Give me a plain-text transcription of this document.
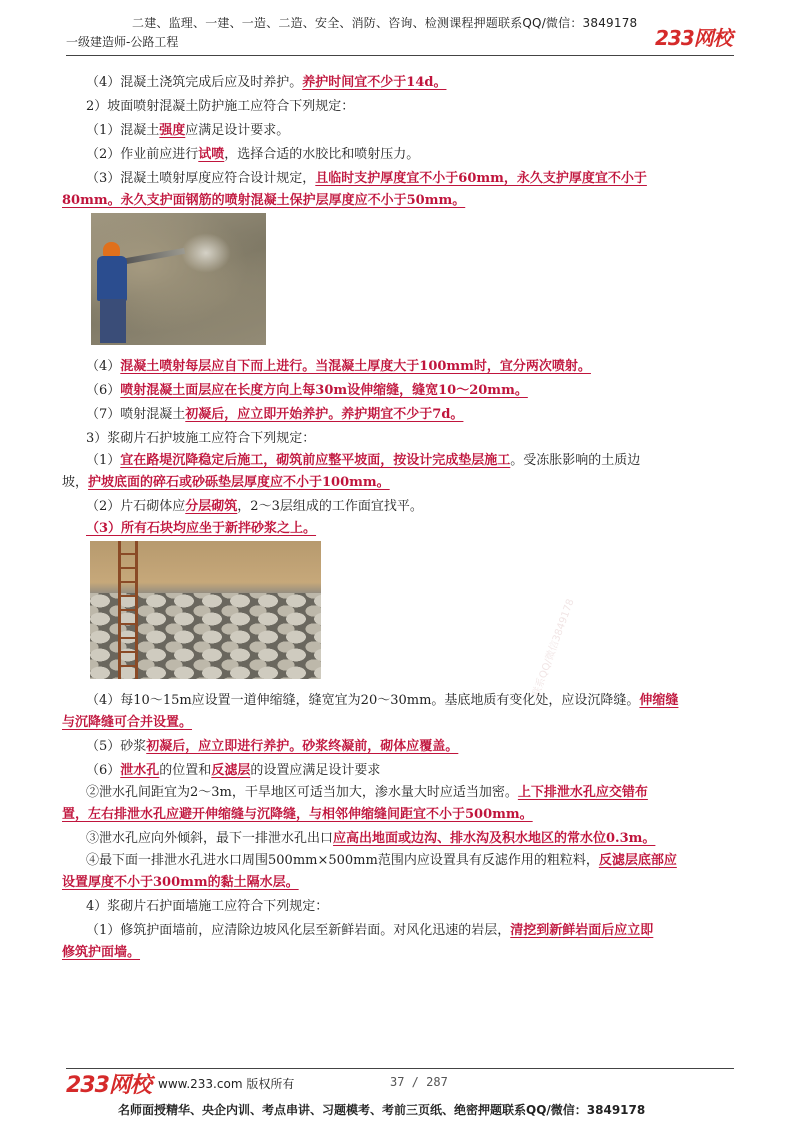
二建、监理、一建、一造、二造、安全、消防、咨询、检测课程押题联系QQ/微信：3849178
一级建造师-公路工程	233网校
（4）混凝土浇筑完成后应及时养护。养护时间宜不少于14d。
2）坡面喷射混凝土防护施工应符合下列规定：
（1）混凝土强度应满足设计要求。
（2）作业前应进行试喷，选择合适的水胶比和喷射压力。
（3）混凝土喷射厚度应符合设计规定，且临时支护厚度宜不小于60mm，永久支护厚度宜不小于
80mm。永久支护面钢筋的喷射混凝土保护层厚度应不小于50mm。
（4）混凝土喷射每层应自下而上进行。当混凝土厚度大于100mm时，宜分两次喷射。
（6）喷射混凝土面层应在长度方向上每30m设伸缩缝，缝宽10～20mm。
（7）喷射混凝土初凝后，应立即开始养护。养护期宜不少于7d。
3）浆砌片石护坡施工应符合下列规定：
（1）宜在路堤沉降稳定后施工，砌筑前应整平坡面，按设计完成垫层施工。受冻胀影响的土质边
坡，护坡底面的碎石或砂砾垫层厚度应不小于100mm。
（2）片石砌体应分层砌筑，2～3层组成的工作面宜找平。
（3）所有石块均应坐于新拌砂浆之上。
（4）每10～15m应设置一道伸缩缝，缝宽宜为20～30mm。基底地质有变化处，应设沉降缝。伸缩缝
与沉降缝可合并设置。
（5）砂浆初凝后，应立即进行养护。砂浆终凝前，砌体应覆盖。
（6）泄水孔的位置和反滤层的设置应满足设计要求
②泄水孔间距宜为2～3m，干旱地区可适当加大，渗水量大时应适当加密。上下排泄水孔应交错布
置，左右排泄水孔应避开伸缩缝与沉降缝，与相邻伸缩缝间距宜不小于500mm。
③泄水孔应向外倾斜，最下一排泄水孔出口应高出地面或边沟、排水沟及积水地区的常水位0.3m。
④最下面一排泄水孔进水口周围500mm×500mm范围内应设置具有反滤作用的粗粒料，反滤层底部应
设置厚度不小于300mm的黏土隔水层。
4）浆砌片石护面墙施工应符合下列规定：
（1）修筑护面墙前，应清除边坡风化层至新鲜岩面。对风化迅速的岩层，清挖到新鲜岩面后应立即
修筑护面墙。
联系QQ/微信3849178
233网校 www.233.com 版权所有	37 / 287
名师面授精华、央企内训、考点串讲、习题模考、考前三页纸、绝密押题联系QQ/微信：3849178
